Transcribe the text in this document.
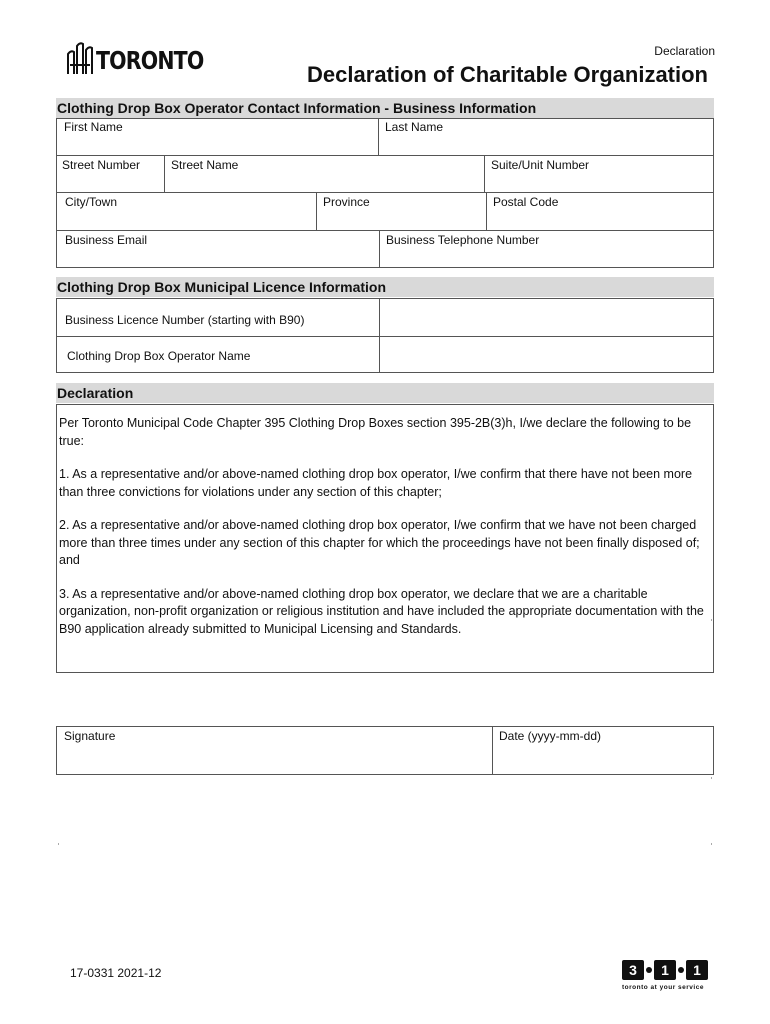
TORONTO	Declaration
Declaration of Charitable Organization
Clothing Drop Box Operator Contact Information - Business Information
First Name	Last Name
Street Number	Street Name	Suite/Unit Number
City/Town	Province	Postal Code
Business Email	Business Telephone Number
Clothing Drop Box Municipal Licence Information
Business Licence Number (starting with B90)
Clothing Drop Box Operator Name
Declaration

Per Toronto Municipal Code Chapter 395 Clothing Drop Boxes section 395-2B(3)h, I/we declare the following to be true:

1. As a representative and/or above-named clothing drop box operator, I/we confirm that there have not been more than three convictions for violations under any section of this chapter;

2. As a representative and/or above-named clothing drop box operator, I/we confirm that we have not been charged more than three times under any section of this chapter for which the proceedings have not been finally disposed of; and

3. As a representative and/or above-named clothing drop box operator, we declare that we are a charitable organization, non-profit organization or religious institution and have included the appropriate documentation with the B90 application already submitted to Municipal Licensing and Standards.

Signature	Date (yyyy-mm-dd)
17-0331 2021-12	3	1	1
toronto at your service
